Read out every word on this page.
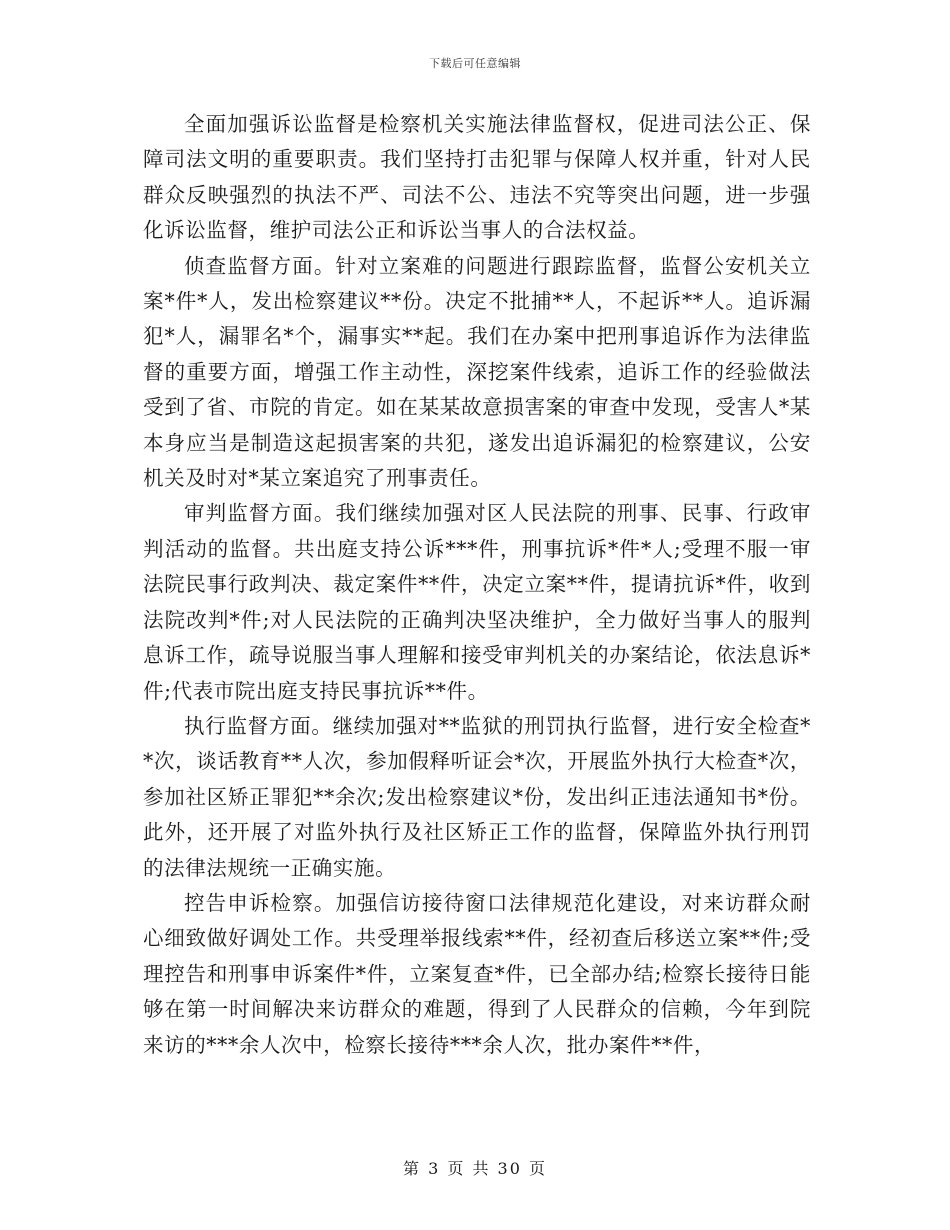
下载后可任意编辑

全面加强诉讼监督是检察机关实施法律监督权，促进司法公正、保障司法文明的重要职责。我们坚持打击犯罪与保障人权并重，针对人民群众反映强烈的执法不严、司法不公、违法不究等突出问题，进一步强化诉讼监督，维护司法公正和诉讼当事人的合法权益。

侦查监督方面。针对立案难的问题进行跟踪监督，监督公安机关立案*件*人，发出检察建议**份。决定不批捕**人，不起诉**人。追诉漏犯*人，漏罪名*个，漏事实**起。我们在办案中把刑事追诉作为法律监督的重要方面，增强工作主动性，深挖案件线索，追诉工作的经验做法受到了省、市院的肯定。如在某某故意损害案的审查中发现，受害人*某本身应当是制造这起损害案的共犯，遂发出追诉漏犯的检察建议，公安机关及时对*某立案追究了刑事责任。

审判监督方面。我们继续加强对区人民法院的刑事、民事、行政审判活动的监督。共出庭支持公诉***件，刑事抗诉*件*人;受理不服一审法院民事行政判决、裁定案件**件，决定立案**件，提请抗诉*件，收到法院改判*件;对人民法院的正确判决坚决维护，全力做好当事人的服判息诉工作，疏导说服当事人理解和接受审判机关的办案结论，依法息诉*件;代表市院出庭支持民事抗诉**件。

执行监督方面。继续加强对**监狱的刑罚执行监督，进行安全检查**次，谈话教育**人次，参加假释听证会*次，开展监外执行大检查*次，参加社区矫正罪犯**余次;发出检察建议*份，发出纠正违法通知书*份。此外，还开展了对监外执行及社区矫正工作的监督，保障监外执行刑罚的法律法规统一正确实施。

控告申诉检察。加强信访接待窗口法律规范化建设，对来访群众耐心细致做好调处工作。共受理举报线索**件，经初查后移送立案**件;受理控告和刑事申诉案件*件，立案复查*件，已全部办结;检察长接待日能够在第一时间解决来访群众的难题，得到了人民群众的信赖，今年到院来访的***余人次中，检察长接待***余人次，批办案件**件，

第 3 页 共 30 页
